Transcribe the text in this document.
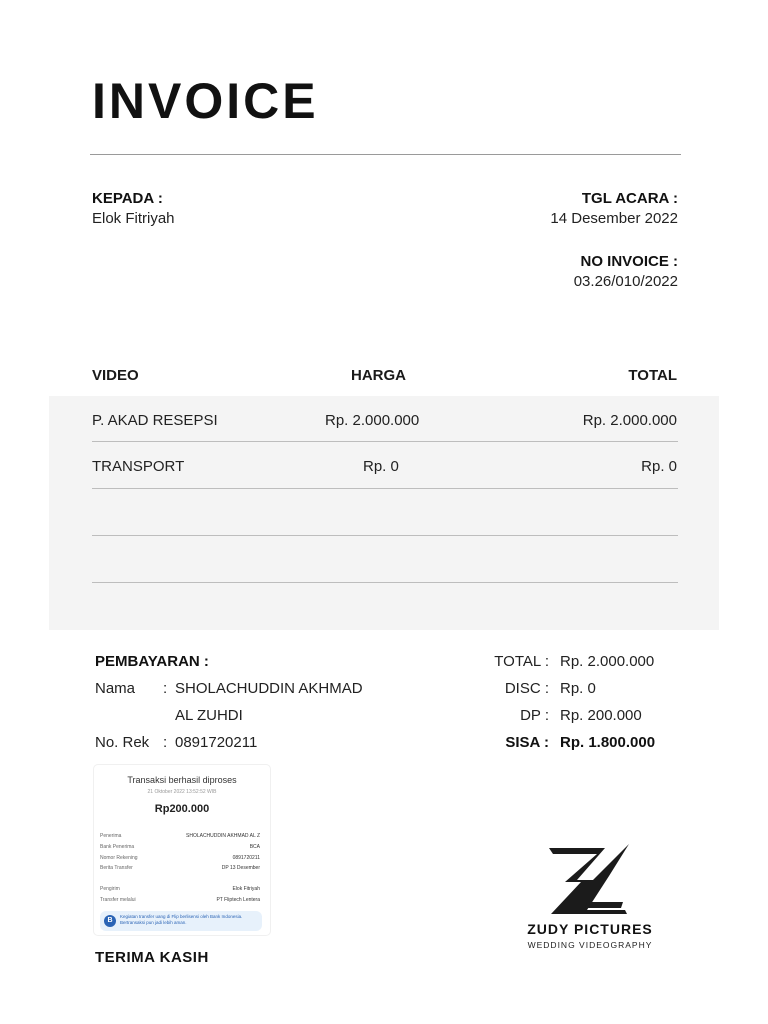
INVOICE
KEPADA :
Elok Fitriyah
TGL ACARA :
14 Desember 2022
NO INVOICE :
03.26/010/2022
VIDEO	HARGA	TOTAL
P. AKAD RESEPSI	Rp. 2.000.000	Rp. 2.000.000
TRANSPORT	Rp. 0	Rp. 0
PEMBAYARAN :
Nama : SHOLACHUDDIN AKHMAD
AL ZUHDI
No. Rek : 0891720211
TOTAL : Rp. 2.000.000
DISC : Rp. 0
DP : Rp. 200.000
SISA : Rp. 1.800.000
Transaksi berhasil diproses
21 Oktober 2022 13:52:52 WIB
Rp200.000
Penerima	SHOLACHUDDIN AKHMAD AL Z
Bank Penerima	BCA
Nomor Rekening	0891720211
Berita Transfer	DP 13 Desember
Pengirim	Elok Fitriyah
Transfer melalui	PT Fliptech Lentera
B
Kegiatan transfer uang di Flip berlisensi oleh Bank Indonesia. Bertransaksi pun jadi lebih aman.	ZUDY PICTURES
WEDDING VIDEOGRAPHY
TERIMA KASIH
